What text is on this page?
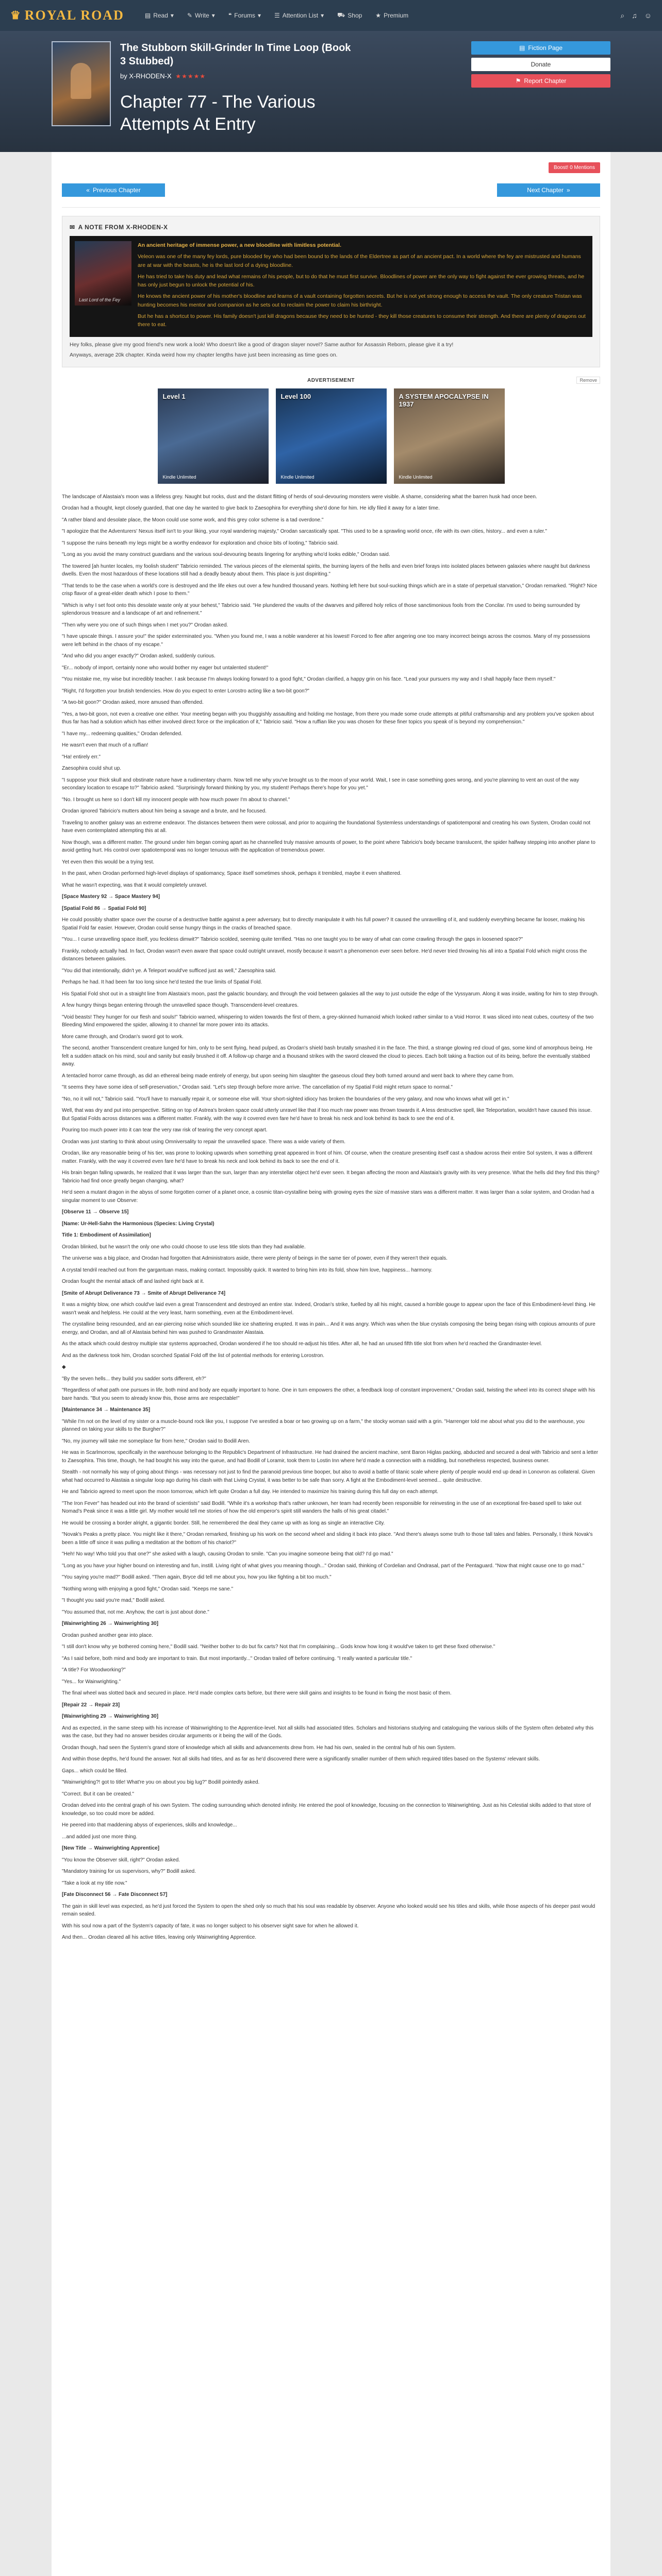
♛ ROYAL ROAD	▤ Read ▾ ✎ Write ▾ ❝ Forums ▾ ☰ Attention List ▾ ⛟ Shop ★ Premium	⌕ ♫ ☺
The Stubborn Skill-Grinder In Time Loop (Book 3 Stubbed)
by X-RHODEN-X ★★★★★
Chapter 77 - The Various Attempts At Entry
▤ Fiction Page
Donate
⚑ Report Chapter
Boost! 0 Mentions
« Previous Chapter	Next Chapter »
✉ A NOTE FROM X-RHODEN-X
Last Lord of the Fey

An ancient heritage of immense power, a new bloodline with limitless potential.

Veleon was one of the many fey lords, pure blooded fey who had been bound to the lands of the Eldertree as part of an ancient pact. In a world where the fey are mistrusted and humans are at war with the beasts, he is the last lord of a dying bloodline.

He has tried to take his duty and lead what remains of his people, but to do that he must first survive. Bloodlines of power are the only way to fight against the ever growing threats, and he has only just begun to unlock the potential of his.

He knows the ancient power of his mother's bloodline and learns of a vault containing forgotten secrets. But he is not yet strong enough to access the vault. The only creature Tristan was hunting becomes his mentor and companion as he sets out to reclaim the power to claim his birthright.

But he has a shortcut to power. His family doesn't just kill dragons because they need to be hunted - they kill those creatures to consume their strength. And there are plenty of dragons out there to eat.

Hey folks, please give my good friend's new work a look! Who doesn't like a good ol' dragon slayer novel? Same author for Assassin Reborn, please give it a try!

Anyways, average 20k chapter. Kinda weird how my chapter lengths have just been increasing as time goes on.

ADVERTISEMENT	Remove
Level 1
Kindle Unlimited
Level 100
Kindle Unlimited
A SYSTEM APOCALYPSE IN 1937
Kindle Unlimited

The landscape of Alastaia's moon was a lifeless grey. Naught but rocks, dust and the distant flitting of herds of soul-devouring monsters were visible. A shame, considering what the barren husk had once been.

Orodan had a thought, kept closely guarded, that one day he wanted to give back to Zaesophira for everything she'd done for him. He idly filed it away for a later time.

"A rather bland and desolate place, the Moon could use some work, and this grey color scheme is a tad overdone."

"I apologize that the Adventurers' Nexus itself isn't to your liking, your royal wandering majesty," Orodan sarcastically spat. "This used to be a sprawling world once, rife with its own cities, history... and even a ruler."

"I suppose the ruins beneath my legs might be a worthy endeavor for exploration and choice bits of looting," Tabricio said.

"Long as you avoid the many construct guardians and the various soul-devouring beasts lingering for anything who'd looks edible," Orodan said.

The towered [ah hunter locales, my foolish student" Tabricio reminded. The various pieces of the elemental spirits, the burning layers of the hells and even brief forays into isolated places between galaxies where naught but darkness dwells. Even the most hazardous of these locations still had a deadly beauty about them. This place is just dispiriting."

"That tends to be the case when a world's core is destroyed and the life ekes out over a few hundred thousand years. Nothing left here but soul-sucking things which are in a state of perpetual starvation," Orodan remarked. "Right? Nice crisp flavor of a great-elder death which I pose to them."

"Which is why I set foot onto this desolate waste only at your behest," Tabricio said. "He plundered the vaults of the dwarves and pilfered holy relics of those sanctimonious fools from the Concilar. I'm used to being surrounded by splendorous treasure and a landscape of art and refinement."

"Then why were you one of such things when I met you?" Orodan asked.

"I have upscale things. I assure you!" the spider exterminated you. "When you found me, I was a noble wanderer at his lowest! Forced to flee after angering one too many incorrect beings across the cosmos. Many of my possessions were left behind in the chaos of my escape."

"And who did you anger exactly?" Orodan asked, suddenly curious.

"Er... nobody of import, certainly none who would bother my eager but untalented student!"

"You mistake me, my wise but incredibly teacher. I ask because I'm always looking forward to a good fight," Orodan clarified, a happy grin on his face. "Lead your pursuers my way and I shall happily face them myself."

"Right, I'd forgotten your brutish tendencies. How do you expect to enter Lorostro acting like a two-bit goon?"

"A two-bit goon?" Orodan asked, more amused than offended.

"Yes, a two-bit goon, not even a creative one either. Your meeting began with you thuggishly assaulting and holding me hostage, from there you made some crude attempts at pitiful craftsmanship and any problem you've spoken about thus far has had a solution which has either involved direct force or the implication of it," Tabricio said. "How a ruffian like you was chosen for these finer topics you speak of is beyond my comprehension."

"I have my... redeeming qualities," Orodan defended.

He wasn't even that much of a ruffian!

"Ha! entirely err."

Zaesophira could shut up.

"I suppose your thick skull and obstinate nature have a rudimentary charm. Now tell me why you've brought us to the moon of your world. Wait, I see in case something goes wrong, and you're planning to vent an oust of the way secondary location to escape to?" Tabricio asked. "Surprisingly forward thinking by you, my student! Perhaps there's hope for you yet."

"No. I brought us here so I don't kill my innocent people with how much power I'm about to channel."

Orodan ignored Tabricio's mutters about him being a savage and a brute, and he focused.

Traveling to another galaxy was an extreme endeavor. The distances between them were colossal, and prior to acquiring the foundational Systemless understandings of spatiotemporal and creating his own System, Orodan could not have even contemplated attempting this at all.

Now though, was a different matter. The ground under him began coming apart as he channelled truly massive amounts of power, to the point where Tabricio's body became translucent, the spider halfway stepping into another plane to avoid getting hurt. His control over spatiotemporal was no longer tenuous with the application of tremendous power.

Yet even then this would be a trying test.

In the past, when Orodan performed high-level displays of spatiomancy, Space itself sometimes shook, perhaps it trembled, maybe it even shattered.

What he wasn't expecting, was that it would completely unravel.

[Space Mastery 92 → Space Mastery 94]

[Spatial Fold 86 → Spatial Fold 90]

He could possibly shatter space over the course of a destructive battle against a peer adversary, but to directly manipulate it with his full power? It caused the unravelling of it, and suddenly everything became far looser, making his Spatial Fold far easier. However, Orodan could sense hungry things in the cracks of breached space.

"You... I curse unravelling space itself, you feckless dimwit?" Tabricio scolded, seeming quite terrified. "Has no one taught you to be wary of what can come crawling through the gaps in loosened space?"

Frankly, nobody actually had. In fact, Orodan wasn't even aware that space could outright unravel, mostly because it wasn't a phenomenon ever seen before. He'd never tried throwing his all into a Spatial Fold which might cross the distances between galaxies.

"You did that intentionally, didn't ye. A Teleport would've sufficed just as well," Zaesophira said.

Perhaps he had. It had been far too long since he'd tested the true limits of Spatial Fold.

His Spatial Fold shot out in a straight line from Alastaia's moon, past the galactic boundary, and through the void between galaxies all the way to just outside the edge of the Vyssyarum. Along it was inside, waiting for him to step through.

A few hungry things began entering through the unravelled space though. Transcendent-level creatures.

"Void beasts! They hunger for our flesh and souls!" Tabricio warned, whispering to widen towards the first of them, a grey-skinned humanoid which looked rather similar to a Void Horror. It was sliced into neat cubes, courtesy of the two Bleeding Mind empowered the spider, allowing it to channel far more power into its attacks.

More came through, and Orodan's sword got to work.

The second, another Transcendent creature lunged for him, only to be sent flying, head pulped, as Orodan's shield bash brutally smashed it in the face. The third, a strange glowing red cloud of gas, some kind of amorphous being. He felt a sudden attack on his mind, soul and sanity but easily brushed it off. A follow-up charge and a thousand strikes with the sword cleaved the cloud to pieces. Each bolt taking a fraction out of its being, before the eventually stabbed away.

A tentacled horror came through, as did an ethereal being made entirely of energy, but upon seeing him slaughter the gaseous cloud they both turned around and went back to where they came from.

"It seems they have some idea of self-preservation," Orodan said. "Let's step through before more arrive. The cancellation of my Spatial Fold might return space to normal."

"No, no it will not," Tabricio said. "You'll have to manually repair it, or someone else will. Your short-sighted idiocy has broken the boundaries of the very galaxy, and now who knows what will get in."

Well, that was dry and put into perspective. Sitting on top of Astrea's broken space could utterly unravel like that if too much raw power was thrown towards it. A less destructive spell, like Teleportation, wouldn't have caused this issue. But Spatial Folds across distances was a different matter. Frankly, with the way it covered even fare he'd have to break his neck and look behind its back to see the end of it.

Pouring too much power into it can tear the very raw risk of tearing the very concept apart.

Orodan was just starting to think about using Omniversality to repair the unravelled space. There was a wide variety of them.

Orodan, like any reasonable being of his tier, was prone to looking upwards when something great appeared in front of him. Of course, when the creature presenting itself cast a shadow across their entire Sol system, it was a different matter. Frankly, with the way it covered even fare he'd have to break his neck and look behind its back to see the end of it.

His brain began falling upwards, he realized that it was larger than the sun, larger than any interstellar object he'd ever seen. It began affecting the moon and Alastaia's gravity with its very presence. What the hells did they find this thing? Tabricio had find once greatly began changing, what?

He'd seen a mutant dragon in the abyss of some forgotten corner of a planet once, a cosmic titan-crystalline being with growing eyes the size of massive stars was a different matter. It was larger than a solar system, and Orodan had a singular moment to use Observe:

[Observe 11 → Observe 15]

[Name: Ur-Hell-Sahn the Harmonious (Species: Living Crystal)

Title 1: Embodiment of Assimilation]

Orodan blinked, but he wasn't the only one who could choose to use less title slots than they had available.

The universe was a big place, and Orodan had forgotten that Administrators aside, there were plenty of beings in the same tier of power, even if they weren't their equals.

A crystal tendril reached out from the gargantuan mass, making contact. Impossibly quick. It wanted to bring him into its fold, show him love, happiness... harmony.

Orodan fought the mental attack off and lashed right back at it.

[Smite of Abrupt Deliverance 73 → Smite of Abrupt Deliverance 74]

It was a mighty blow, one which could've laid even a great Transcendent and destroyed an entire star. Indeed, Orodan's strike, fuelled by all his might, caused a horrible gouge to appear upon the face of this Embodiment-level thing. He wasn't weak and helpless. He could at the very least, harm something, even at the Embodiment-level.

The crystalline being resounded, and an ear-piercing noise which sounded like ice shattering erupted. It was in pain... And it was angry. Which was when the blue crystals composing the being began rising with copious amounts of pure energy, and Orodan, and all of Alastaia behind him was pushed to Grandmaster Alastaia.

As the attack which could destroy multiple star systems approached, Orodan wondered if he too should re-adjust his titles. After all, he had an unused fifth title slot from when he'd reached the Grandmaster-level.

And as the darkness took him, Orodan scorched Spatial Fold off the list of potential methods for entering Lorostron.

◆

"By the seven hells... they build you sadder sorts different, eh?"

"Regardless of what path one pursues in life, both mind and body are equally important to hone. One in turn empowers the other, a feedback loop of constant improvement," Orodan said, twisting the wheel into its correct shape with his bare hands. "But you seem to already know this, those arms are respectable!"

[Maintenance 34 → Maintenance 35]

"While I'm not on the level of my sister or a muscle-bound rock like you, I suppose I've wrestled a boar or two growing up on a farm," the stocky woman said with a grin. "Harrenger told me about what you did to the warehouse, you planned on taking your skills to the Burgher?"

"No, my journey will take me someplace far from here," Orodan said to Bodill Aren.

He was in Scarlmorrow, specifically in the warehouse belonging to the Republic's Department of Infrastructure. He had drained the ancient machine, sent Baron Higlas packing, abducted and secured a deal with Tabricio and sent a letter to Zaesophira. This time, though, he had bought his way into the queue, and had Bodill of Loramir, took them to Lostin Inn where he'd made a connection with a middling, but nonetheless respected, business owner.

Stealth - not normally his way of going about things - was necessary not just to find the paranoid previous time booper, but also to avoid a battle of titanic scale where plenty of people would end up dead in Lonovron as collateral. Given what had occurred to Alastaia a singular loop ago during his clash with that Living Crystal, it was better to be safe than sorry. A fight at the Embodiment-level seemed... quite destructive.

He and Tabricio agreed to meet upon the moon tomorrow, which left quite Orodan a full day. He intended to maximize his training during this full day on each attempt.

"The Iron Fever" has headed out into the brand of scientists" said Bodill. "While it's a workshop that's rather unknown, her team had recently been responsible for reinvesting in the use of an exceptional fire-based spell to take out Nomad's Peak since it was a little girl. My mother would tell me stories of how the old emperor's spirit still wanders the halls of his great citadel."

He would be crossing a border alright, a gigantic border. Still, he remembered the deal they came up with as long as single an interactive City.

"Novak's Peaks a pretty place. You might like it there," Orodan remarked, finishing up his work on the second wheel and sliding it back into place. "And there's always some truth to those tall tales and fables. Personally, I think Novak's been a little off since it was pulling a meditation at the bottom of his chariot?"

"Heh! No way! Who told you that one?" she asked with a laugh, causing Orodan to smile. "Can you imagine someone being that old? I'd go mad."

"Long as you have your higher bound on interesting and fun, instill. Living right of what gives you meaning though..." Orodan said, thinking of Cordelian and Ondrasal, part of the Pentaguard. "Now that might cause one to go mad."

"You saying you're mad?" Bodill asked. "Then again, Bryce did tell me about you, how you like fighting a bit too much."

"Nothing wrong with enjoying a good fight," Orodan said. "Keeps me sane."

"I thought you said you're mad," Bodill asked.

"You assumed that, not me. Anyhow, the cart is just about done."

[Wainwrighting 26 → Wainwrighting 30]

Orodan pushed another gear into place.

"I still don't know why ye bothered coming here," Bodill said. "Neither bother to do but fix carts? Not that I'm complaining... Gods know how long it would've taken to get these fixed otherwise."

"As I said before, both mind and body are important to train. But most importantly..." Orodan trailed off before continuing. "I really wanted a particular title."

"A title? For Woodworking?"

"Yes... for Wainwrighting."

The final wheel was slotted back and secured in place. He'd made complex carts before, but there were skill gains and insights to be found in fixing the most basic of them.

[Repair 22 → Repair 23]

[Wainwrighting 29 → Wainwrighting 30]

And as expected, in the same steep with his increase of Wainwrighting to the Apprentice-level. Not all skills had associated titles. Scholars and historians studying and cataloguing the various skills of the System often debated why this was the case, but they had no answer besides circular arguments or it being the will of the Gods.

Orodan though, had seen the System's grand store of knowledge which all skills and advancements drew from. He had his own, sealed in the central hub of his own System.

And within those depths, he'd found the answer. Not all skills had titles, and as far as he'd discovered there were a significantly smaller number of them which required titles based on the Systems' relevant skills.

Gaps... which could be filled.

"Wainwrighting?! got to title! What're you on about you big lug?" Bodill pointedly asked.

"Correct. But it can be created."

Orodan delved into the central graph of his own System. The coding surrounding which denoted infinity. He entered the pool of knowledge, focusing on the connection to Wainwrighting. Just as his Celestial skills added to that store of knowledge, so too could more be added.

He peered into that maddening abyss of experiences, skills and knowledge...

...and added just one more thing.

[New Title → Wainwrighting Apprentice]

"You know the Observer skill, right?" Orodan asked.

"Mandatory training for us supervisors, why?" Bodill asked.

"Take a look at my title now."

[Fate Disconnect 56 → Fate Disconnect 57]

The gain in skill level was expected, as he'd just forced the System to open the shed only so much that his soul was readable by observer. Anyone who looked would see his titles and skills, while those aspects of his deeper past would remain sealed.

With his soul now a part of the System's capacity of fate, it was no longer subject to his observer sight save for when he allowed it.

And then... Orodan cleared all his active titles, leaving only Wainwrighting Apprentice.
